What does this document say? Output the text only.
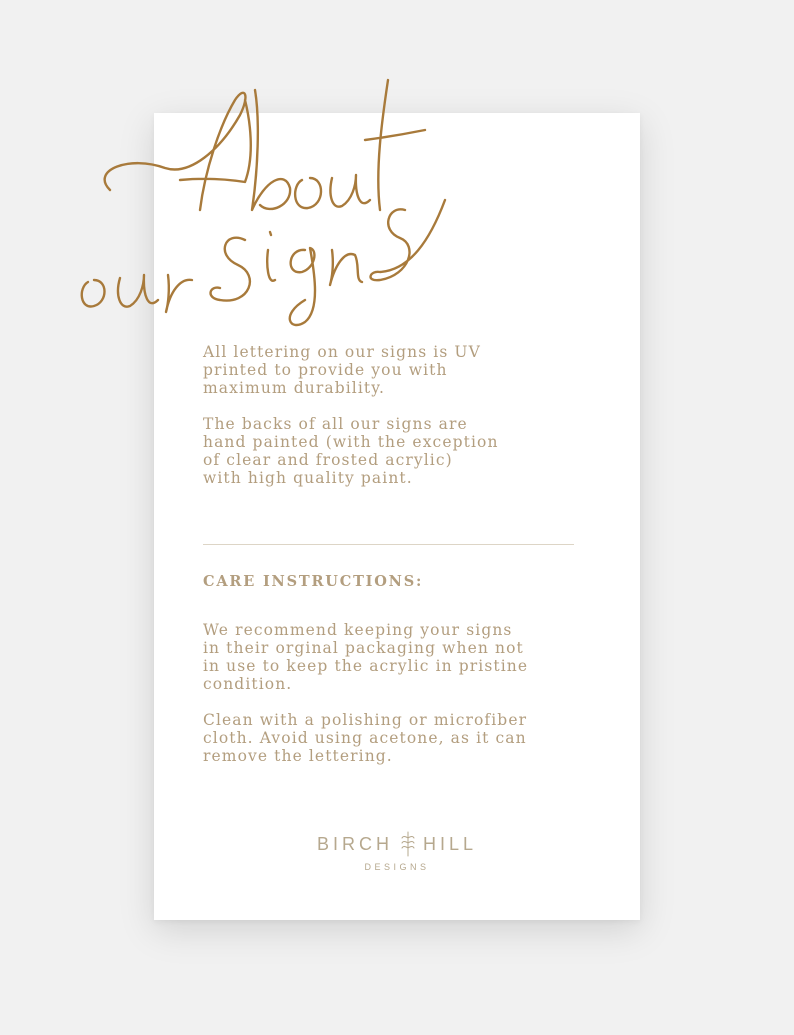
All lettering on our signs is UV
printed to provide you with
maximum durability.

The backs of all our signs are
hand painted (with the exception
of clear and frosted acrylic)
with high quality paint.

CARE INSTRUCTIONS:

We recommend keeping your signs
in their orginal packaging when not
in use to keep the acrylic in pristine
condition.

Clean with a polishing or microfiber
cloth. Avoid using acetone, as it can
remove the lettering.

BIRCH HILL
DESIGNS
